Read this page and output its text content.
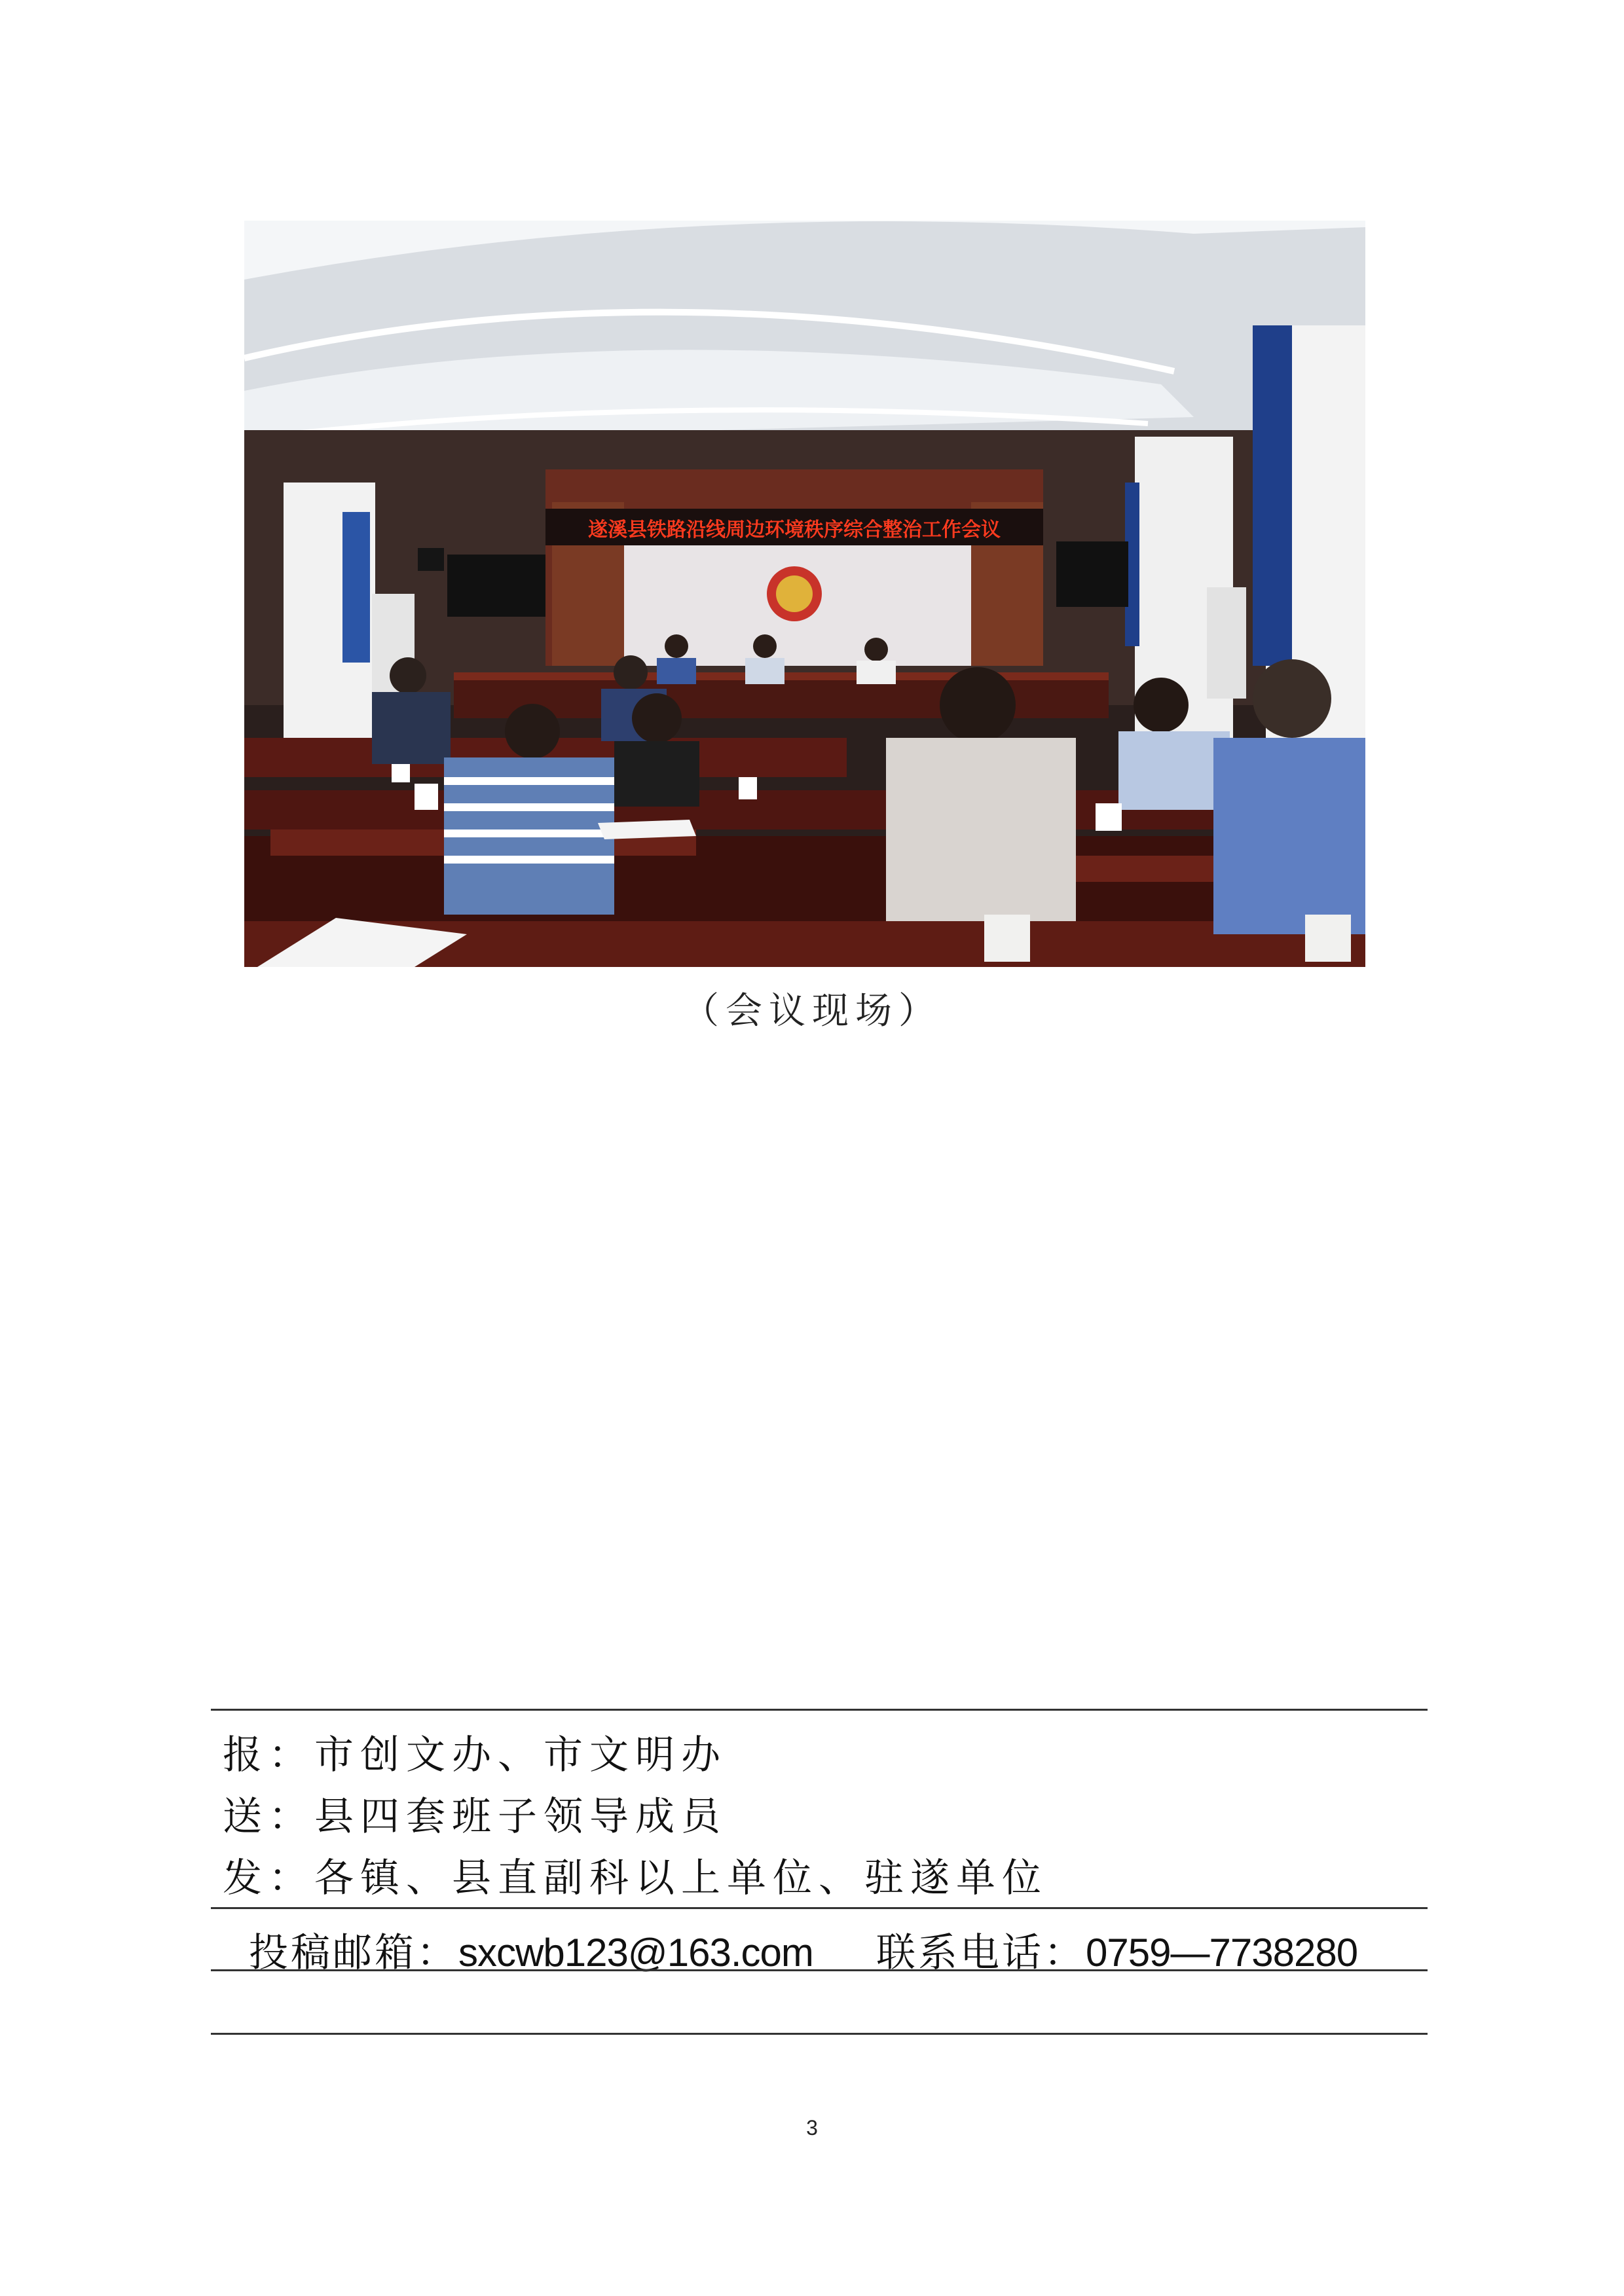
遂溪县铁路沿线周边环境秩序综合整治工作会议
（会议现场）
报：市创文办、市文明办
送：县四套班子领导成员
发：各镇、县直副科以上单位、驻遂单位
投稿邮箱：sxcwb123@163.com 联系电话：0759—7738280
3
